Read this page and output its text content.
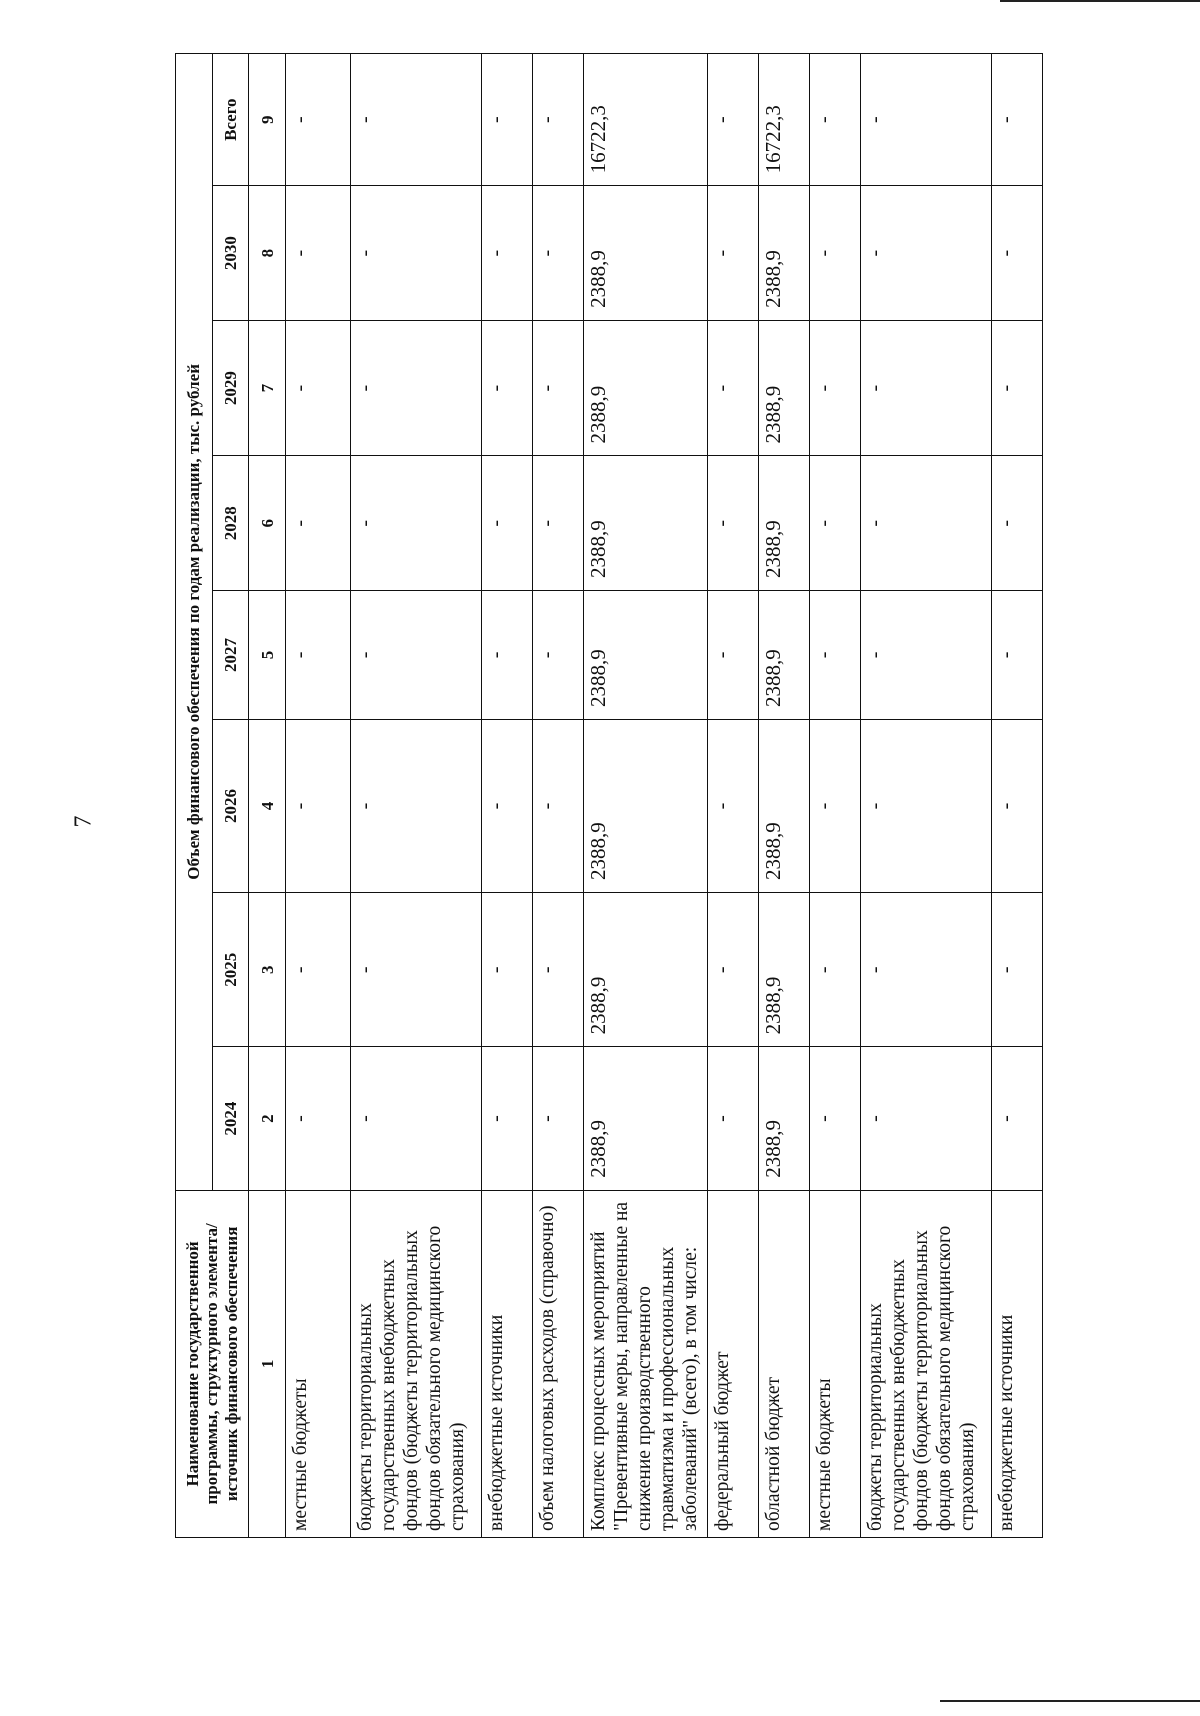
7
Наименование государственной программы, структурного элемента/источник финансового обеспечения	Объем финансового обеспечения по годам реализации, тыс. рублей							
	2024	2025	2026	2027	2028	2029	2030	Всего
1	2	3	4	5	6	7	8	9
местные бюджеты	-	-	-	-	-	-	-	-
бюджеты территориальных государственных внебюджетных фондов (бюджеты территориальных фондов обязательного медицинского страхования)	-	-	-	-	-	-	-	-
внебюджетные источники	-	-	-	-	-	-	-	-
объем налоговых расходов (справочно)	-	-	-	-	-	-	-	-
Комплекс процессных мероприятий "Превентивные меры, направленные на снижение производственного травматизма и профессиональных заболеваний" (всего), в том числе:	2388,9	2388,9	2388,9	2388,9	2388,9	2388,9	2388,9	16722,3
федеральный бюджет	-	-	-	-	-	-	-	-
областной бюджет	2388,9	2388,9	2388,9	2388,9	2388,9	2388,9	2388,9	16722,3
местные бюджеты	-	-	-	-	-	-	-	-
бюджеты территориальных государственных внебюджетных фондов (бюджеты территориальных фондов обязательного медицинского страхования)	-	-	-	-	-	-	-	-
внебюджетные источники	-	-	-	-	-	-	-	-
